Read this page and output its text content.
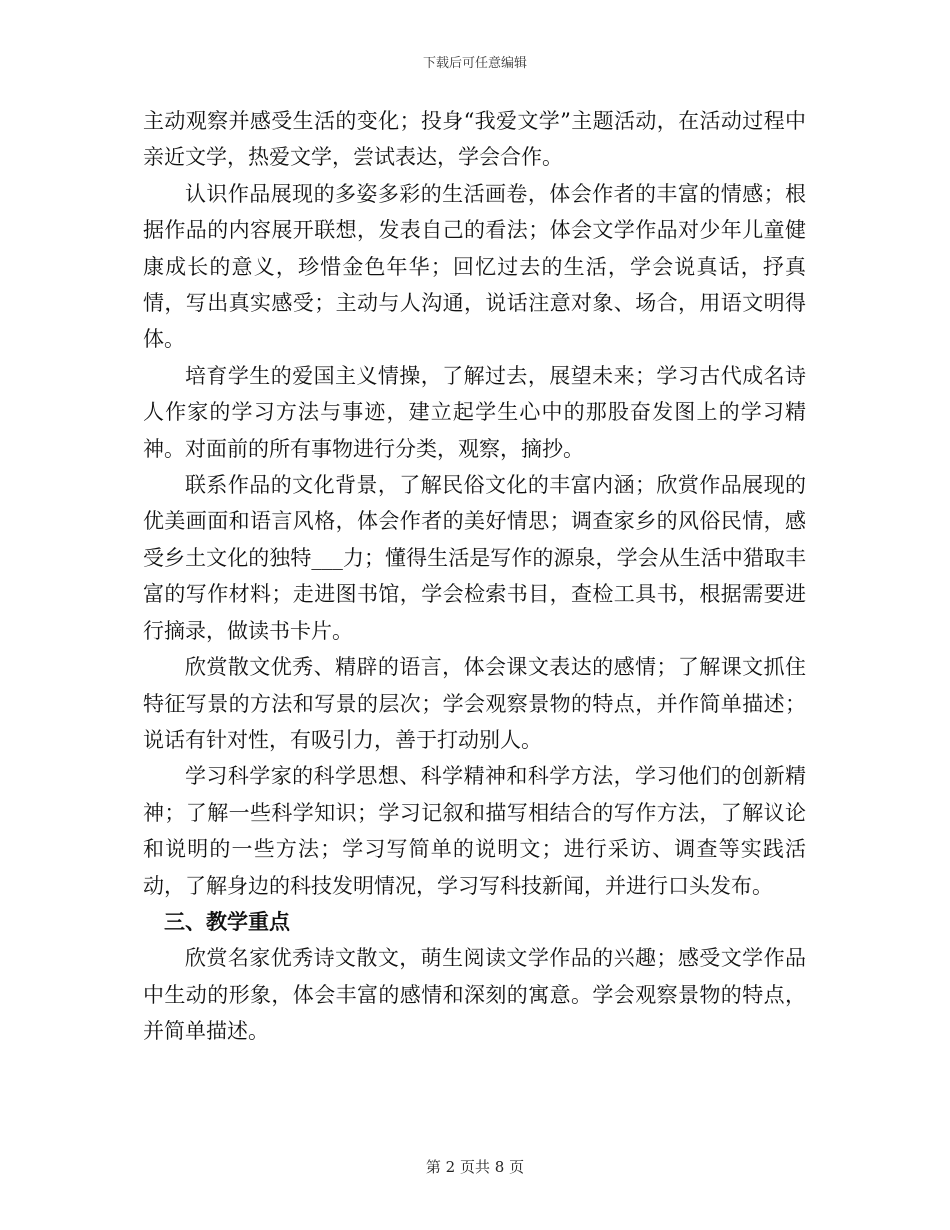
下载后可任意编辑

主动观察并感受生活的变化；投身“我爱文学”主题活动，在活动过程中亲近文学，热爱文学，尝试表达，学会合作。

认识作品展现的多姿多彩的生活画卷，体会作者的丰富的情感；根据作品的内容展开联想，发表自己的看法；体会文学作品对少年儿童健康成长的意义，珍惜金色年华；回忆过去的生活，学会说真话，抒真情，写出真实感受；主动与人沟通，说话注意对象、场合，用语文明得体。

培育学生的爱国主义情操，了解过去，展望未来；学习古代成名诗人作家的学习方法与事迹，建立起学生心中的那股奋发图上的学习精神。对面前的所有事物进行分类，观察，摘抄。

联系作品的文化背景，了解民俗文化的丰富内涵；欣赏作品展现的优美画面和语言风格，体会作者的美好情思；调查家乡的风俗民情，感受乡土文化的独特___力；懂得生活是写作的源泉，学会从生活中猎取丰富的写作材料；走进图书馆，学会检索书目，查检工具书，根据需要进行摘录，做读书卡片。

欣赏散文优秀、精辟的语言，体会课文表达的感情；了解课文抓住特征写景的方法和写景的层次；学会观察景物的特点，并作简单描述；说话有针对性，有吸引力，善于打动别人。

学习科学家的科学思想、科学精神和科学方法，学习他们的创新精神；了解一些科学知识；学习记叙和描写相结合的写作方法，了解议论和说明的一些方法；学习写简单的说明文；进行采访、调查等实践活动，了解身边的科技发明情况，学习写科技新闻，并进行口头发布。

三、教学重点

欣赏名家优秀诗文散文，萌生阅读文学作品的兴趣；感受文学作品中生动的形象，体会丰富的感情和深刻的寓意。学会观察景物的特点，并简单描述。

第 2 页共 8 页
